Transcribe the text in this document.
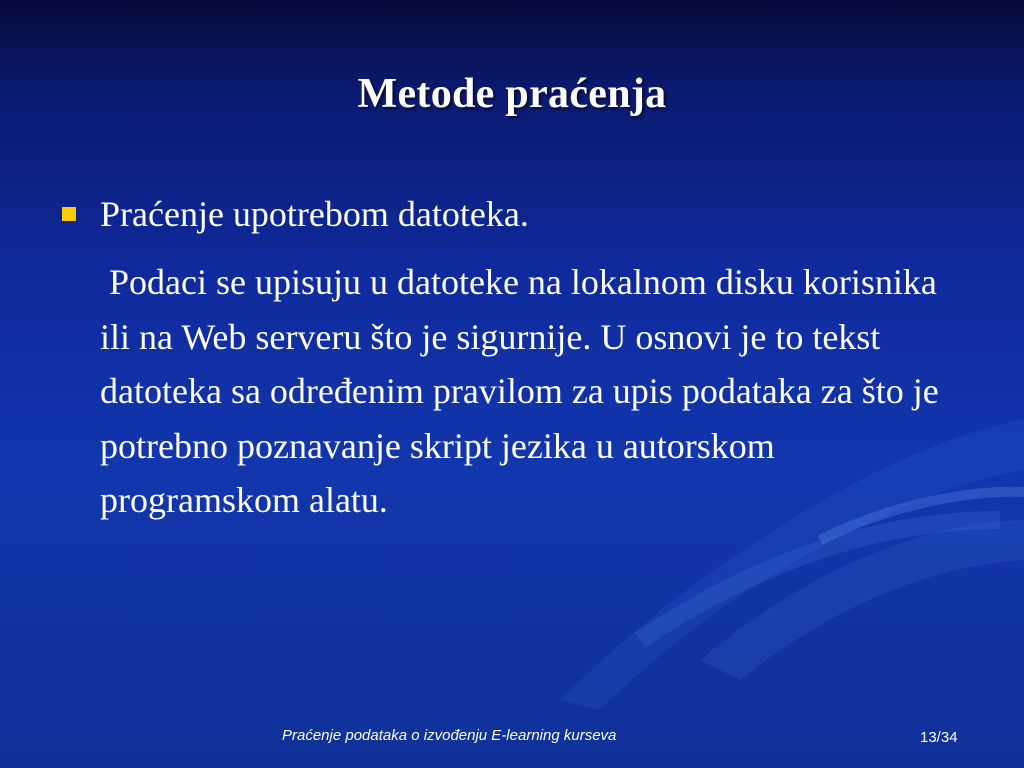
Metode praćenja
Praćenje upotrebom datoteka.
Podaci se upisuju u datoteke na lokalnom disku korisnika ili na Web serveru što je sigurnije. U osnovi je to tekst datoteka sa određenim pravilom za upis podataka za što je potrebno poznavanje skript jezika u autorskom programskom alatu.
Praćenje podataka o izvođenju E-learning kurseva	13/34
